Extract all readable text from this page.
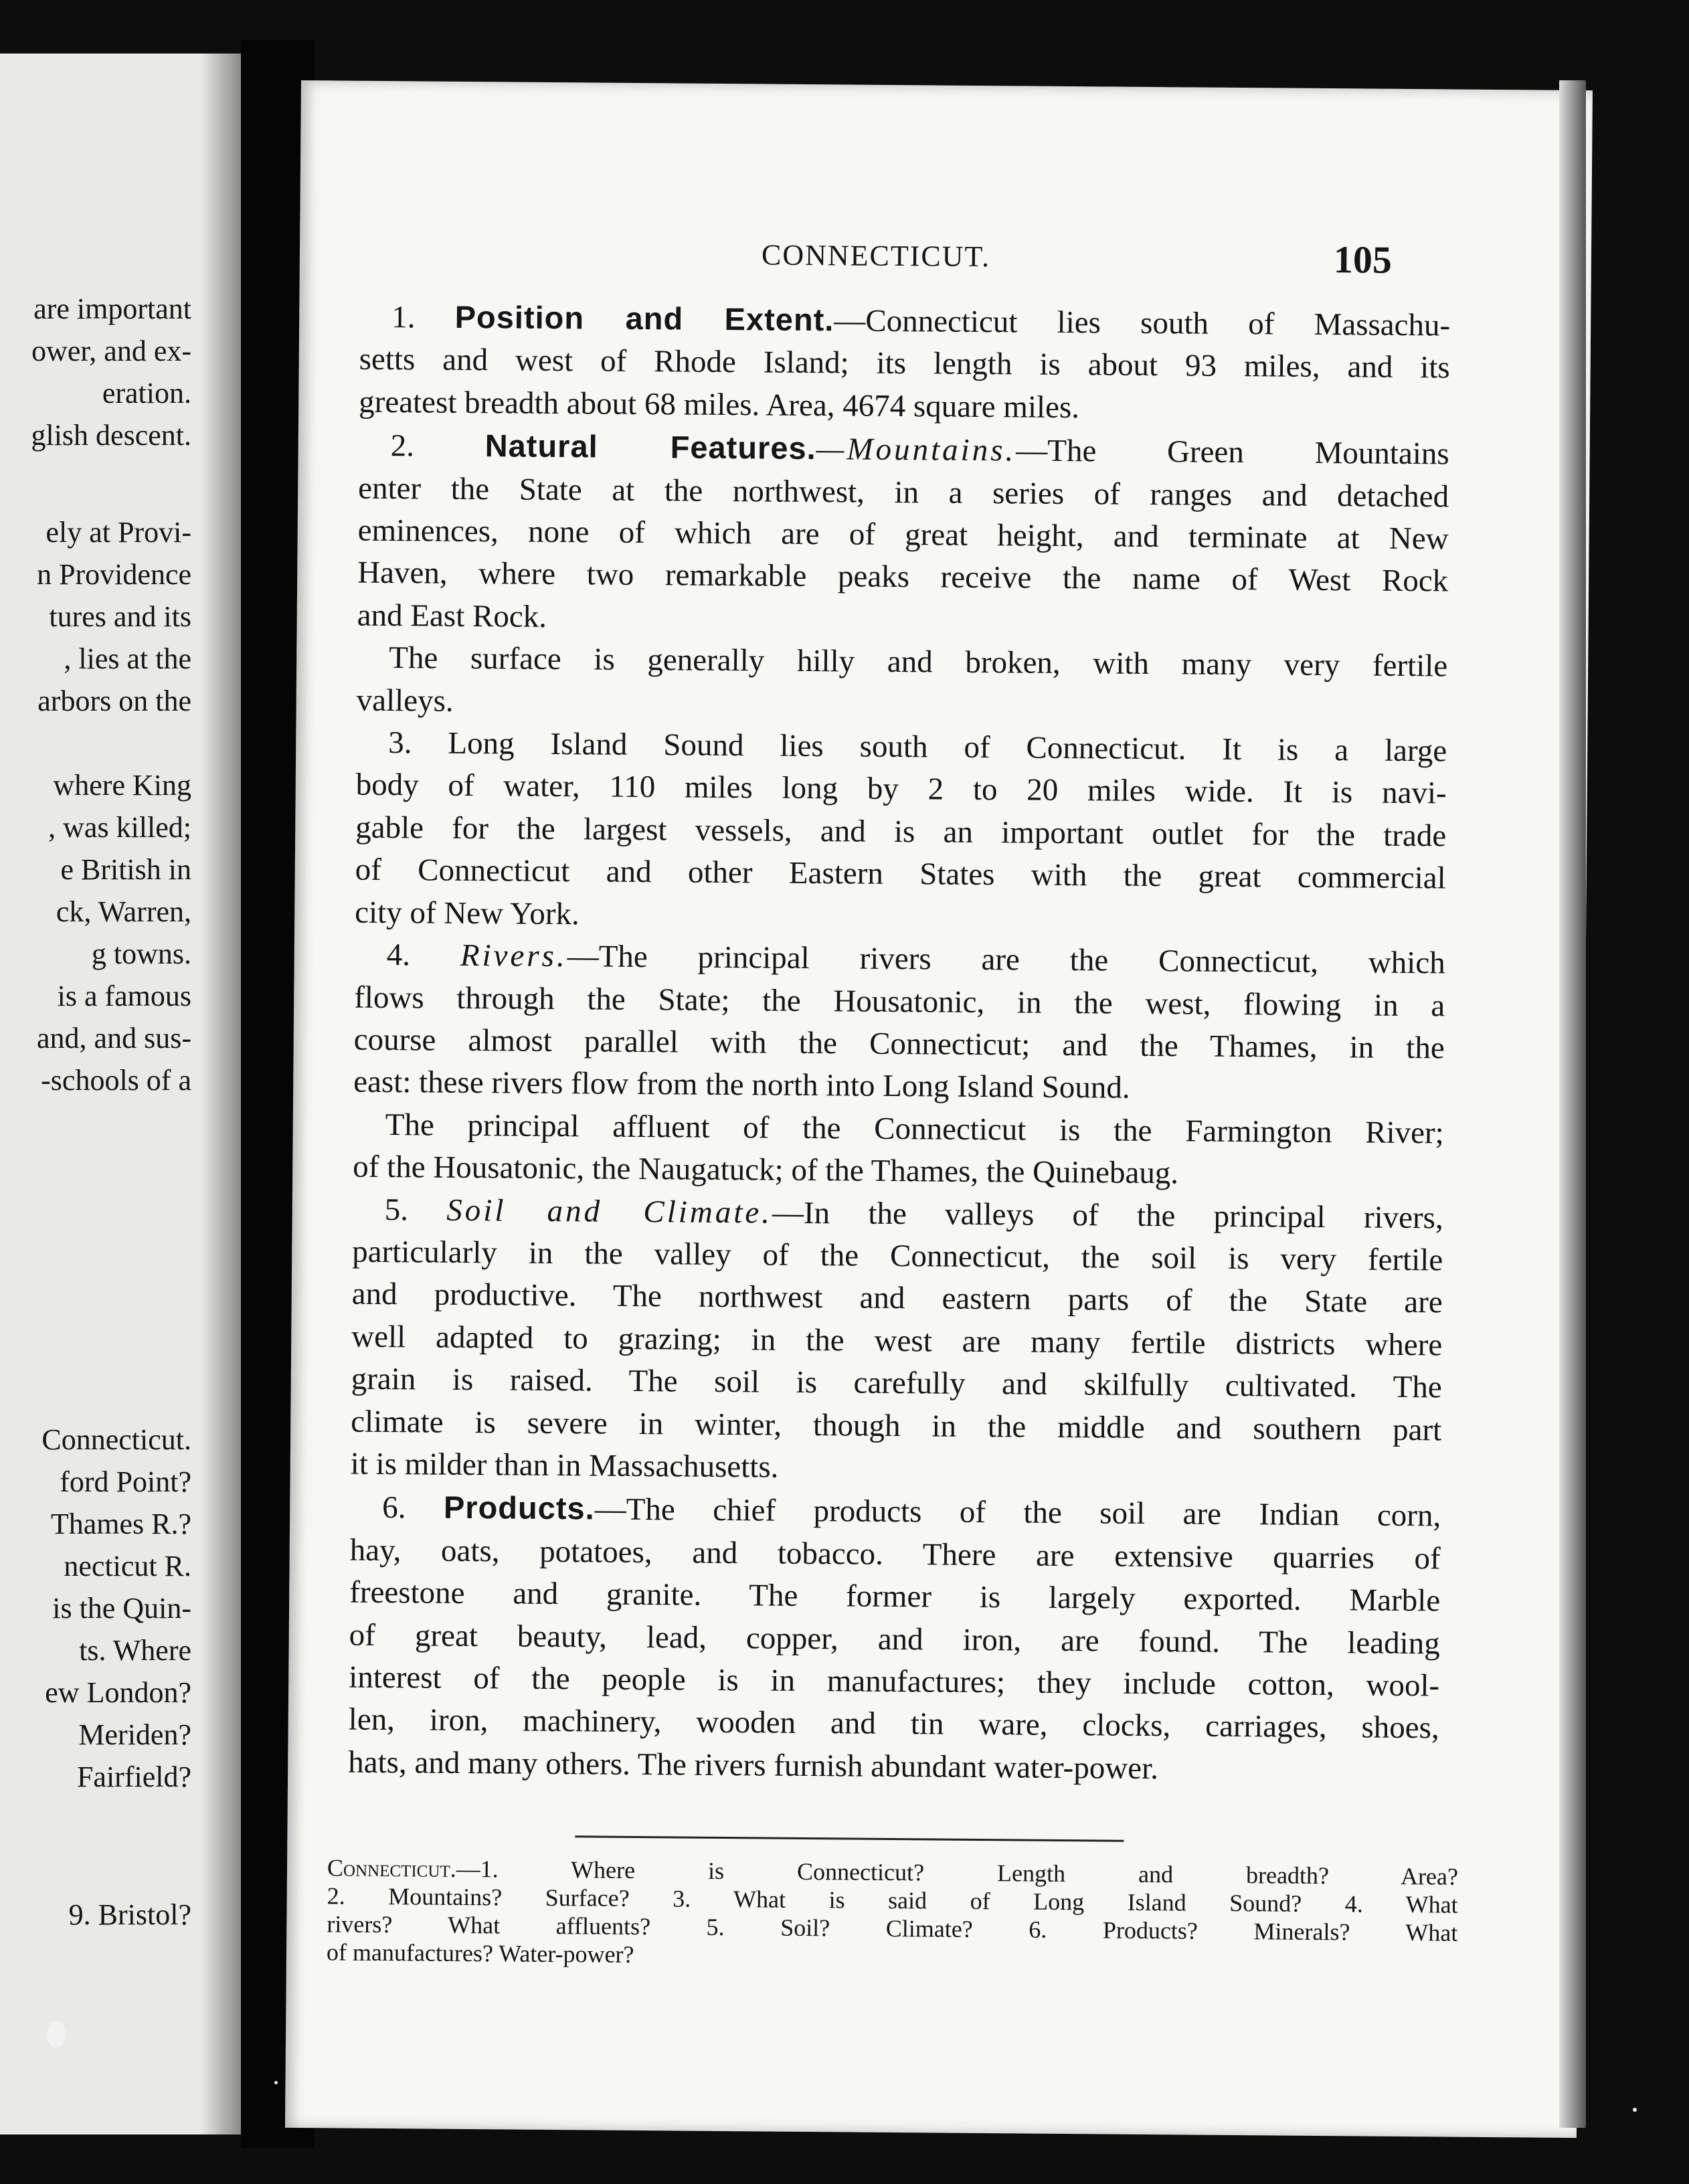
are important
ower, and ex-
eration.
glish descent.
ely at Provi-
n Providence
tures and its
, lies at the
arbors on the
where King
, was killed;
e British in
ck, Warren,
g towns.
is a famous
and, and sus-
-schools of a
Connecticut.
ford Point?
Thames R.?
necticut R.
is the Quin-
ts. Where
ew London?
Meriden?
Fairfield?
9. Bristol?
CONNECTICUT.	105
1. Position and Extent.—Connecticut lies south of Massachu-
setts and west of Rhode Island; its length is about 93 miles, and its
greatest breadth about 68 miles. Area, 4674 square miles.
2. Natural Features.—Mountains.—The Green Mountains
enter the State at the northwest, in a series of ranges and detached
eminences, none of which are of great height, and terminate at New
Haven, where two remarkable peaks receive the name of West Rock
and East Rock.
The surface is generally hilly and broken, with many very fertile
valleys.
3. Long Island Sound lies south of Connecticut. It is a large
body of water, 110 miles long by 2 to 20 miles wide. It is navi-
gable for the largest vessels, and is an important outlet for the trade
of Connecticut and other Eastern States with the great commercial
city of New York.
4. Rivers.—The principal rivers are the Connecticut, which
flows through the State; the Housatonic, in the west, flowing in a
course almost parallel with the Connecticut; and the Thames, in the
east: these rivers flow from the north into Long Island Sound.
The principal affluent of the Connecticut is the Farmington River;
of the Housatonic, the Naugatuck; of the Thames, the Quinebaug.
5. Soil and Climate.—In the valleys of the principal rivers,
particularly in the valley of the Connecticut, the soil is very fertile
and productive. The northwest and eastern parts of the State are
well adapted to grazing; in the west are many fertile districts where
grain is raised. The soil is carefully and skilfully cultivated. The
climate is severe in winter, though in the middle and southern part
it is milder than in Massachusetts.
6. Products.—The chief products of the soil are Indian corn,
hay, oats, potatoes, and tobacco. There are extensive quarries of
freestone and granite. The former is largely exported. Marble
of great beauty, lead, copper, and iron, are found. The leading
interest of the people is in manufactures; they include cotton, wool-
len, iron, machinery, wooden and tin ware, clocks, carriages, shoes,
hats, and many others. The rivers furnish abundant water-power.
Connecticut.—1. Where is Connecticut? Length and breadth? Area?
2. Mountains? Surface? 3. What is said of Long Island Sound? 4. What
rivers? What affluents? 5. Soil? Climate? 6. Products? Minerals? What
of manufactures? Water-power?
